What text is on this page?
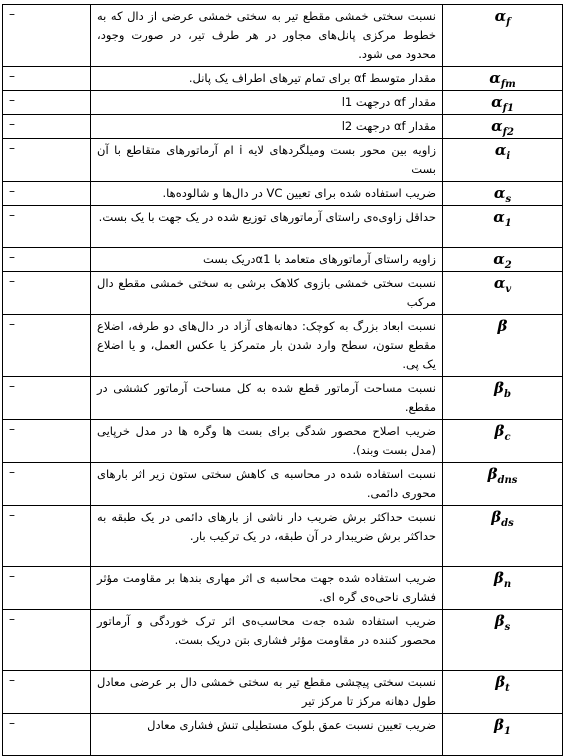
–	نسبت سختی خمشی مقطع تیر به سختی خمشی عرضی از دال که به خطوط مرکزی پانل‌های مجاور در هر طرف تیر، در صورت وجود، محدود می شود.	$\alpha_f$
–	مقدار متوسط αf برای تمام تیرهای اطراف یک پانل.	$\alpha_{fm}$
–	مقدار αf درجهت l1	$\alpha_{f1}$
–	مقدار αf درجهت l2	$\alpha_{f2}$
–	زاویه بین محور بست ومیلگردهای لایه i ام آرماتورهای متقاطع با آن بست	$\alpha_i$
–	ضریب استفاده شده برای تعیین VC در دال‌ها و شالوده‌ها.	$\alpha_s$
–	حداقل زاوی‌ه‌ی راستای آرماتورهای توزیع شده در یک جهت با یک بست.	$\alpha_1$
–	زاویه راستای آرماتورهای متعامد با α1دریک بست	$\alpha_2$
–	نسبت سختی خمشی بازوی کلاهک برشی به سختی خمشی مقطع دال مرکب	$\alpha_v$
–	نسبت ابعاد بزرگ به کوچک: دهانه‌های آزاد در دال‌های دو طرفه، اضلاع مقطع ستون، سطح وارد شدن بار متمرکز یا عکس العمل، و یا اضلاع یک پی.	β
–	نسبت مساحت آرماتور قطع شده به کل مساحت آرماتور کششی در مقطع.	$\beta_b$
–	ضریب اصلاح محصور شدگی برای بست ها وگره ها در مدل خرپایی (مدل بست وبند).	$\beta_c$
–	نسبت استفاده شده در محاسبه ی کاهش سختی ستون زیر اثر بارهای محوری دائمی.	$\beta_{dns}$
–	نسبت حداکثر برش ضریب دار ناشی از بارهای دائمی در یک طبقه به حداکثر برش ضریبدار در آن طبقه، در یک ترکیب بار.	$\beta_{ds}$
–	ضریب استفاده شده جهت محاسبه ی اثر مهاری بندها بر مقاومت مؤثر فشاری ناحی‌ه‌ی گره ای.	$\beta_n$
–	ضریب استفاده شده جه‌ت محاسب‌ه‌ی اثر ترک خوردگی و آرماتور محصور کننده در مقاومت مؤثر فشاری بتن دریک بست.	$\beta_s$
–	نسبت سختی پیچشی مقطع تیر به سختی خمشی دال بر عرضی معادل طول دهانه مرکز تا مرکز تیر	$\beta_t$
–	ضریب تعیین نسبت عمق بلوک مستطیلی تنش فشاری معادل	$\beta_1$
